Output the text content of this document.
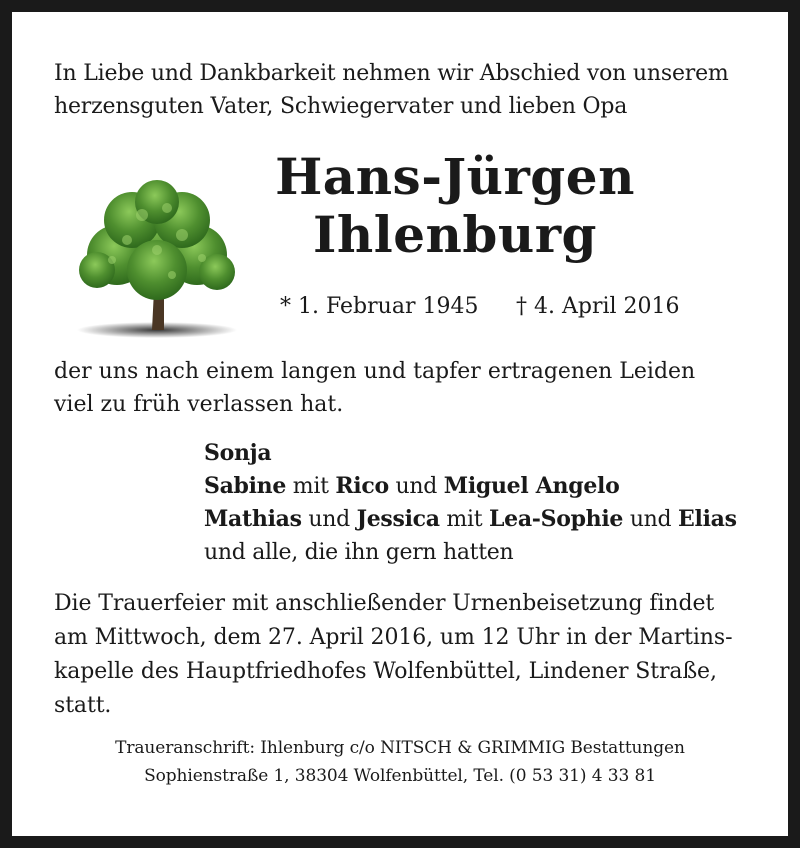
In Liebe und Dankbarkeit nehmen wir Abschied von unserem
herzensguten Vater, Schwiegervater und lieben Opa
Hans-Jürgen
Ihlenburg
* 1. Februar 1945 † 4. April 2016
der uns nach einem langen und tapfer ertragenen Leiden
viel zu früh verlassen hat.
Sonja
Sabine mit Rico und Miguel Angelo
Mathias und Jessica mit Lea-Sophie und Elias
und alle, die ihn gern hatten
Die Trauerfeier mit anschließender Urnenbeisetzung findet
am Mittwoch, dem 27. April 2016, um 12 Uhr in der Martins-
kapelle des Hauptfriedhofes Wolfenbüttel, Lindener Straße,
statt.
Traueranschrift: Ihlenburg c/o NITSCH & GRIMMIG Bestattungen
Sophienstraße 1, 38304 Wolfenbüttel, Tel. (0 53 31) 4 33 81
